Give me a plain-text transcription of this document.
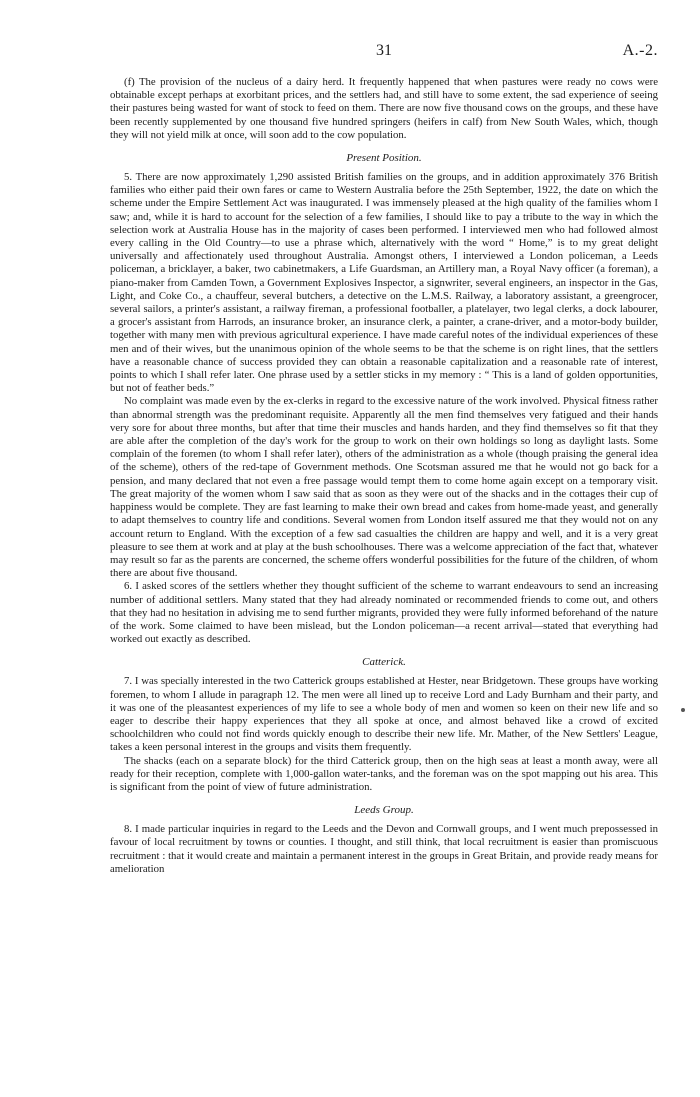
31	A.-2.

(f) The provision of the nucleus of a dairy herd. It frequently happened that when pastures were ready no cows were obtainable except perhaps at exorbitant prices, and the settlers had, and still have to some extent, the sad experience of seeing their pastures being wasted for want of stock to feed on them. There are now five thousand cows on the groups, and these have been recently supplemented by one thousand five hundred springers (heifers in calf) from New South Wales, which, though they will not yield milk at once, will soon add to the cow population.

Present Position.

5. There are now approximately 1,290 assisted British families on the groups, and in addition approximately 376 British families who either paid their own fares or came to Western Australia before the 25th September, 1922, the date on which the scheme under the Empire Settlement Act was inaugurated. I was immensely pleased at the high quality of the families whom I saw; and, while it is hard to account for the selection of a few families, I should like to pay a tribute to the way in which the selection work at Australia House has in the majority of cases been performed. I interviewed men who had followed almost every calling in the Old Country—to use a phrase which, alternatively with the word “ Home,” is to my great delight universally and affectionately used throughout Australia. Amongst others, I interviewed a London policeman, a Leeds policeman, a bricklayer, a baker, two cabinetmakers, a Life Guardsman, an Artillery man, a Royal Navy officer (a foreman), a piano-maker from Camden Town, a Government Explosives Inspector, a signwriter, several engineers, an inspector in the Gas, Light, and Coke Co., a chauffeur, several butchers, a detective on the L.M.S. Railway, a laboratory assistant, a greengrocer, several sailors, a printer's assistant, a railway fireman, a professional footballer, a platelayer, two legal clerks, a dock labourer, a grocer's assistant from Harrods, an insurance broker, an insurance clerk, a painter, a crane-driver, and a motor-body builder, together with many men with previous agricultural experience. I have made careful notes of the individual experiences of these men and of their wives, but the unanimous opinion of the whole seems to be that the scheme is on right lines, that the settlers have a reasonable chance of success provided they can obtain a reasonable capitalization and a reasonable rate of interest, points to which I shall refer later. One phrase used by a settler sticks in my memory : “ This is a land of golden opportunities, but not of feather beds.”

No complaint was made even by the ex-clerks in regard to the excessive nature of the work involved. Physical fitness rather than abnormal strength was the predominant requisite. Apparently all the men find themselves very fatigued and their hands very sore for about three months, but after that time their muscles and hands harden, and they find themselves so fit that they are able after the completion of the day's work for the group to work on their own holdings so long as daylight lasts. Some complain of the foremen (to whom I shall refer later), others of the administration as a whole (though praising the general idea of the scheme), others of the red-tape of Government methods. One Scotsman assured me that he would not go back for a pension, and many declared that not even a free passage would tempt them to come home again except on a temporary visit. The great majority of the women whom I saw said that as soon as they were out of the shacks and in the cottages their cup of happiness would be complete. They are fast learning to make their own bread and cakes from home-made yeast, and generally to adapt themselves to country life and conditions. Several women from London itself assured me that they would not on any account return to England. With the exception of a few sad casualties the children are happy and well, and it is a very great pleasure to see them at work and at play at the bush schoolhouses. There was a welcome appreciation of the fact that, whatever may result so far as the parents are concerned, the scheme offers wonderful possibilities for the future of the children, of whom there are about five thousand.

6. I asked scores of the settlers whether they thought sufficient of the scheme to warrant endeavours to send an increasing number of additional settlers. Many stated that they had already nominated or recommended friends to come out, and others that they had no hesitation in advising me to send further migrants, provided they were fully informed beforehand of the nature of the work. Some claimed to have been mislead, but the London policeman—a recent arrival—stated that everything had worked out exactly as described.

Catterick.

7. I was specially interested in the two Catterick groups established at Hester, near Bridgetown. These groups have working foremen, to whom I allude in paragraph 12. The men were all lined up to receive Lord and Lady Burnham and their party, and it was one of the pleasantest experiences of my life to see a whole body of men and women so keen on their new life and so eager to describe their happy experiences that they all spoke at once, and almost behaved like a crowd of excited schoolchildren who could not find words quickly enough to describe their new life. Mr. Mather, of the New Settlers' League, takes a keen personal interest in the groups and visits them frequently.

The shacks (each on a separate block) for the third Catterick group, then on the high seas at least a month away, were all ready for their reception, complete with 1,000-gallon water-tanks, and the foreman was on the spot mapping out his area. This is significant from the point of view of future administration.

Leeds Group.

8. I made particular inquiries in regard to the Leeds and the Devon and Cornwall groups, and I went much prepossessed in favour of local recruitment by towns or counties. I thought, and still think, that local recruitment is easier than promiscuous recruitment : that it would create and maintain a permanent interest in the groups in Great Britain, and provide ready means for amelioration
